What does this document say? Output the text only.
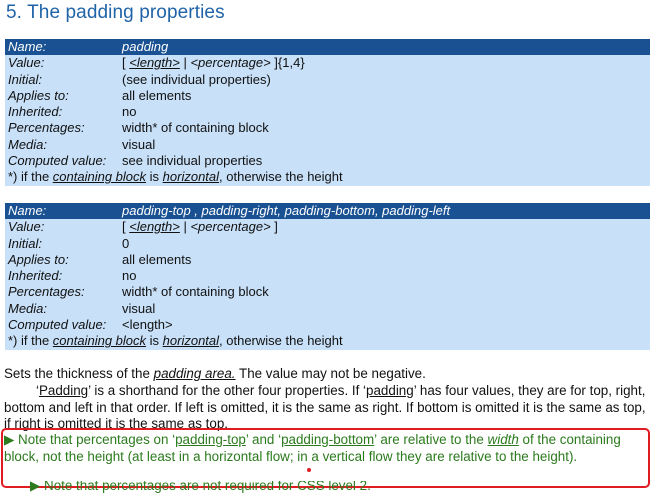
5. The padding properties
Name:	padding
Value:	[ <length> | <percentage> ]{1,4}
Initial:	(see individual properties)
Applies to:	all elements
Inherited:	no
Percentages:	width* of containing block
Media:	visual
Computed value: see individual properties
*) if the containing block is horizontal, otherwise the height
Name:	padding-top , padding-right, padding-bottom, padding-left
Value:	[ <length> | <percentage> ]
Initial:	0
Applies to:	all elements
Inherited:	no
Percentages:	width* of containing block
Media:	visual
Computed value: <length>
*) if the containing block is horizontal, otherwise the height
Sets the thickness of the padding area. The value may not be negative.
‘Padding’ is a shorthand for the other four properties. If ‘padding’ has four values, they are for top, right, bottom and left in that order. If left is omitted, it is the same as right. If bottom is omitted it is the same as top, if right is omitted it is the same as top.
▶ Note that percentages on ‘padding-top’ and ‘padding-bottom’ are relative to the width of the containing block, not the height (at least in a horizontal flow; in a vertical flow they are relative to the height).
▶ Note that percentages are not required for CSS level 2.
